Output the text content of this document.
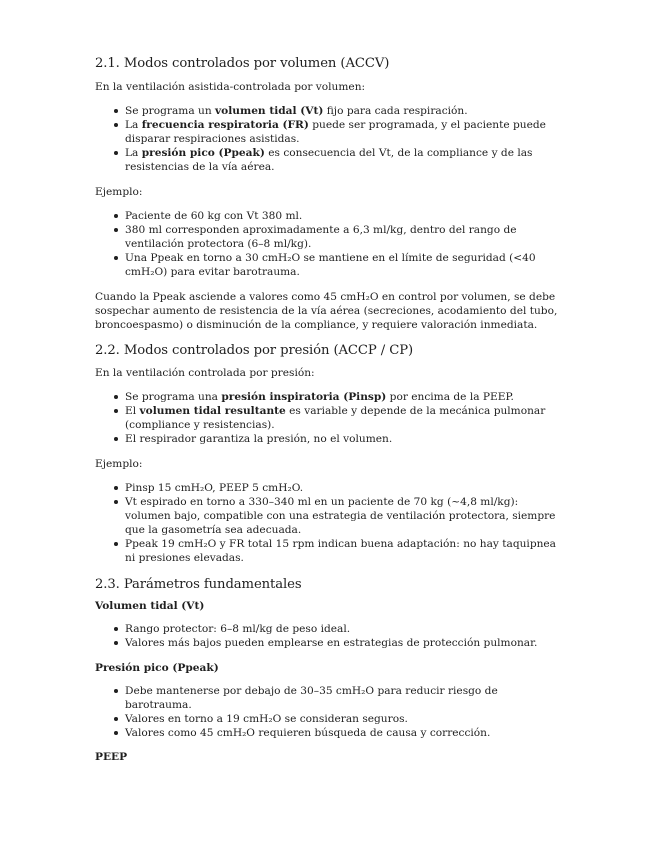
2.1. Modos controlados por volumen (ACCV)

En la ventilación asistida-controlada por volumen:

Se programa un volumen tidal (Vt) fijo para cada respiración.
La frecuencia respiratoria (FR) puede ser programada, y el paciente puede disparar respiraciones asistidas.
La presión pico (Ppeak) es consecuencia del Vt, de la compliance y de las resistencias de la vía aérea.

Ejemplo:

Paciente de 60 kg con Vt 380 ml.
380 ml corresponden aproximadamente a 6,3 ml/kg, dentro del rango de ventilación protectora (6–8 ml/kg).
Una Ppeak en torno a 30 cmH₂O se mantiene en el límite de seguridad (<40 cmH₂O) para evitar barotrauma.

Cuando la Ppeak asciende a valores como 45 cmH₂O en control por volumen, se debe sospechar aumento de resistencia de la vía aérea (secreciones, acodamiento del tubo, broncoespasmo) o disminución de la compliance, y requiere valoración inmediata.

2.2. Modos controlados por presión (ACCP / CP)

En la ventilación controlada por presión:

Se programa una presión inspiratoria (Pinsp) por encima de la PEEP.
El volumen tidal resultante es variable y depende de la mecánica pulmonar (compliance y resistencias).
El respirador garantiza la presión, no el volumen.

Ejemplo:

Pinsp 15 cmH₂O, PEEP 5 cmH₂O.
Vt espirado en torno a 330–340 ml en un paciente de 70 kg (~4,8 ml/kg): volumen bajo, compatible con una estrategia de ventilación protectora, siempre que la gasometría sea adecuada.
Ppeak 19 cmH₂O y FR total 15 rpm indican buena adaptación: no hay taquipnea ni presiones elevadas.
2.3. Parámetros fundamentales
Volumen tidal (Vt)
Rango protector: 6–8 ml/kg de peso ideal.
Valores más bajos pueden emplearse en estrategias de protección pulmonar.
Presión pico (Ppeak)
Debe mantenerse por debajo de 30–35 cmH₂O para reducir riesgo de barotrauma.
Valores en torno a 19 cmH₂O se consideran seguros.
Valores como 45 cmH₂O requieren búsqueda de causa y corrección.
PEEP
